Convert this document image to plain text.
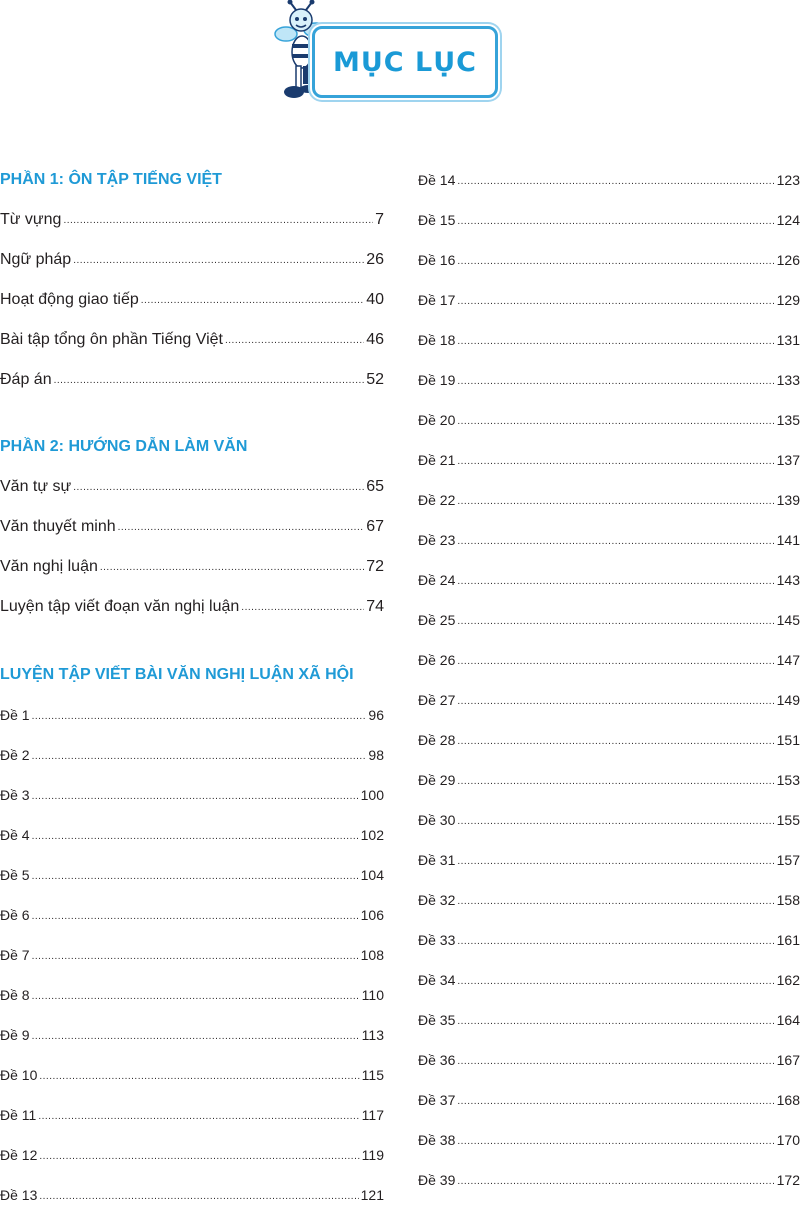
MỤC LỤC
PHẦN 1: ÔN TẬP TIẾNG VIỆT
Từ vựng .....	7
Ngữ pháp .....	26
Hoạt động giao tiếp .....	40
Bài tập tổng ôn phần Tiếng Việt .....	46
Đáp án .....	52
PHẦN 2: HƯỚNG DẪN LÀM VĂN
Văn tự sự .....	65
Văn thuyết minh .....	67
Văn nghị luận .....	72
Luyện tập viết đoạn văn nghị luận .....	74
LUYỆN TẬP VIẾT BÀI VĂN NGHỊ LUẬN XÃ HỘI
Đề 1 .....	96
Đề 2 .....	98
Đề 3 .....	100
Đề 4 .....	102
Đề 5 .....	104
Đề 6 .....	106
Đề 7 .....	108
Đề 8 .....	110
Đề 9 .....	113
Đề 10 .....	115
Đề 11 .....	117
Đề 12 .....	119
Đề 13 .....	121
Đề 14 .....	123
Đề 15 .....	124
Đề 16 .....	126
Đề 17 .....	129
Đề 18 .....	131
Đề 19 .....	133
Đề 20 .....	135
Đề 21 .....	137
Đề 22 .....	139
Đề 23 .....	141
Đề 24 .....	143
Đề 25 .....	145
Đề 26 .....	147
Đề 27 .....	149
Đề 28 .....	151
Đề 29 .....	153
Đề 30 .....	155
Đề 31 .....	157
Đề 32 .....	158
Đề 33 .....	161
Đề 34 .....	162
Đề 35 .....	164
Đề 36 .....	167
Đề 37 .....	168
Đề 38 .....	170
Đề 39 .....	172
